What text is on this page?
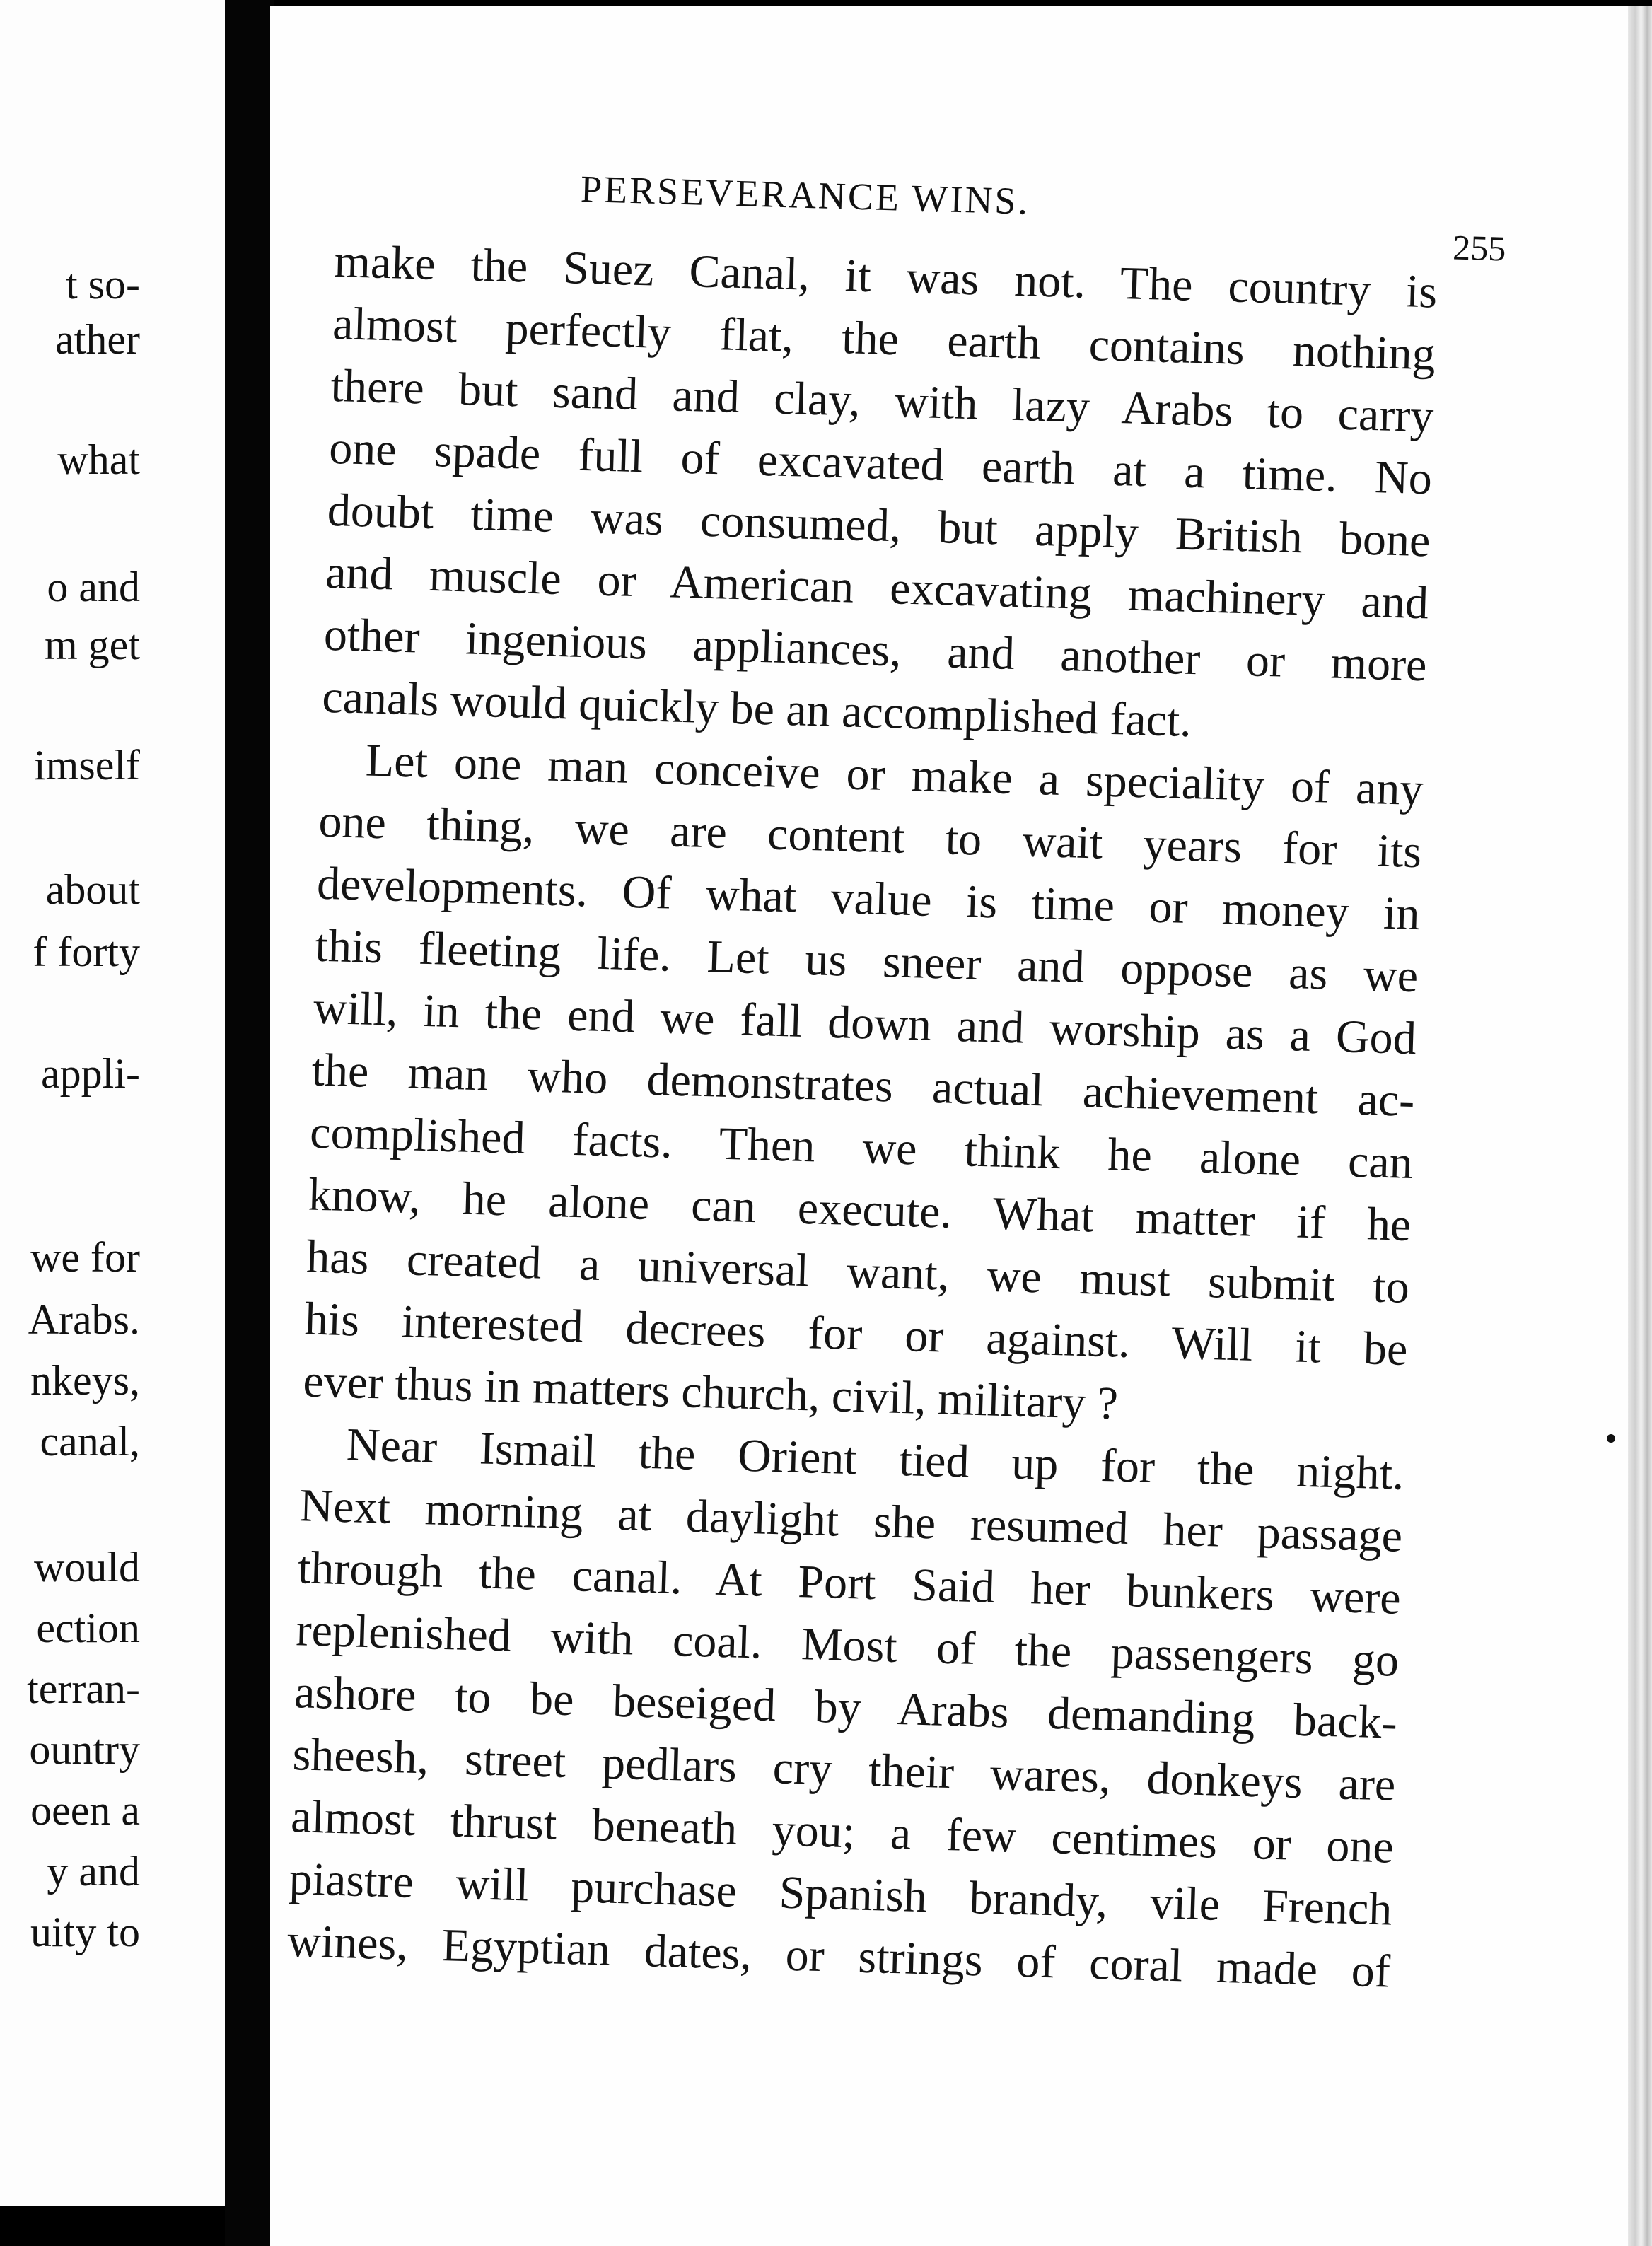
t so-
ather
what
o and
m get
imself
about
f forty
appli-
we for
Arabs.
nkeys,
canal,
would
ection
terran-
ountry
oeen a
y and
uity to
PERSEVERANCE WINS.
255
make the Suez Canal, it was not. The country is
almost perfectly flat, the earth contains nothing
there but sand and clay, with lazy Arabs to carry
one spade full of excavated earth at a time. No
doubt time was consumed, but apply British bone
and muscle or American excavating machinery and
other ingenious appliances, and another or more
canals would quickly be an accomplished fact.
Let one man conceive or make a speciality of any
one thing, we are content to wait years for its
developments. Of what value is time or money in
this fleeting life. Let us sneer and oppose as we
will, in the end we fall down and worship as a God
the man who demonstrates actual achievement ac-
complished facts. Then we think he alone can
know, he alone can execute. What matter if he
has created a universal want, we must submit to
his interested decrees for or against. Will it be
ever thus in matters church, civil, military ?
Near Ismail the Orient tied up for the night.
Next morning at daylight she resumed her passage
through the canal. At Port Said her bunkers were
replenished with coal. Most of the passengers go
ashore to be beseiged by Arabs demanding back-
sheesh, street pedlars cry their wares, donkeys are
almost thrust beneath you; a few centimes or one
piastre will purchase Spanish brandy, vile French
wines, Egyptian dates, or strings of coral made of
